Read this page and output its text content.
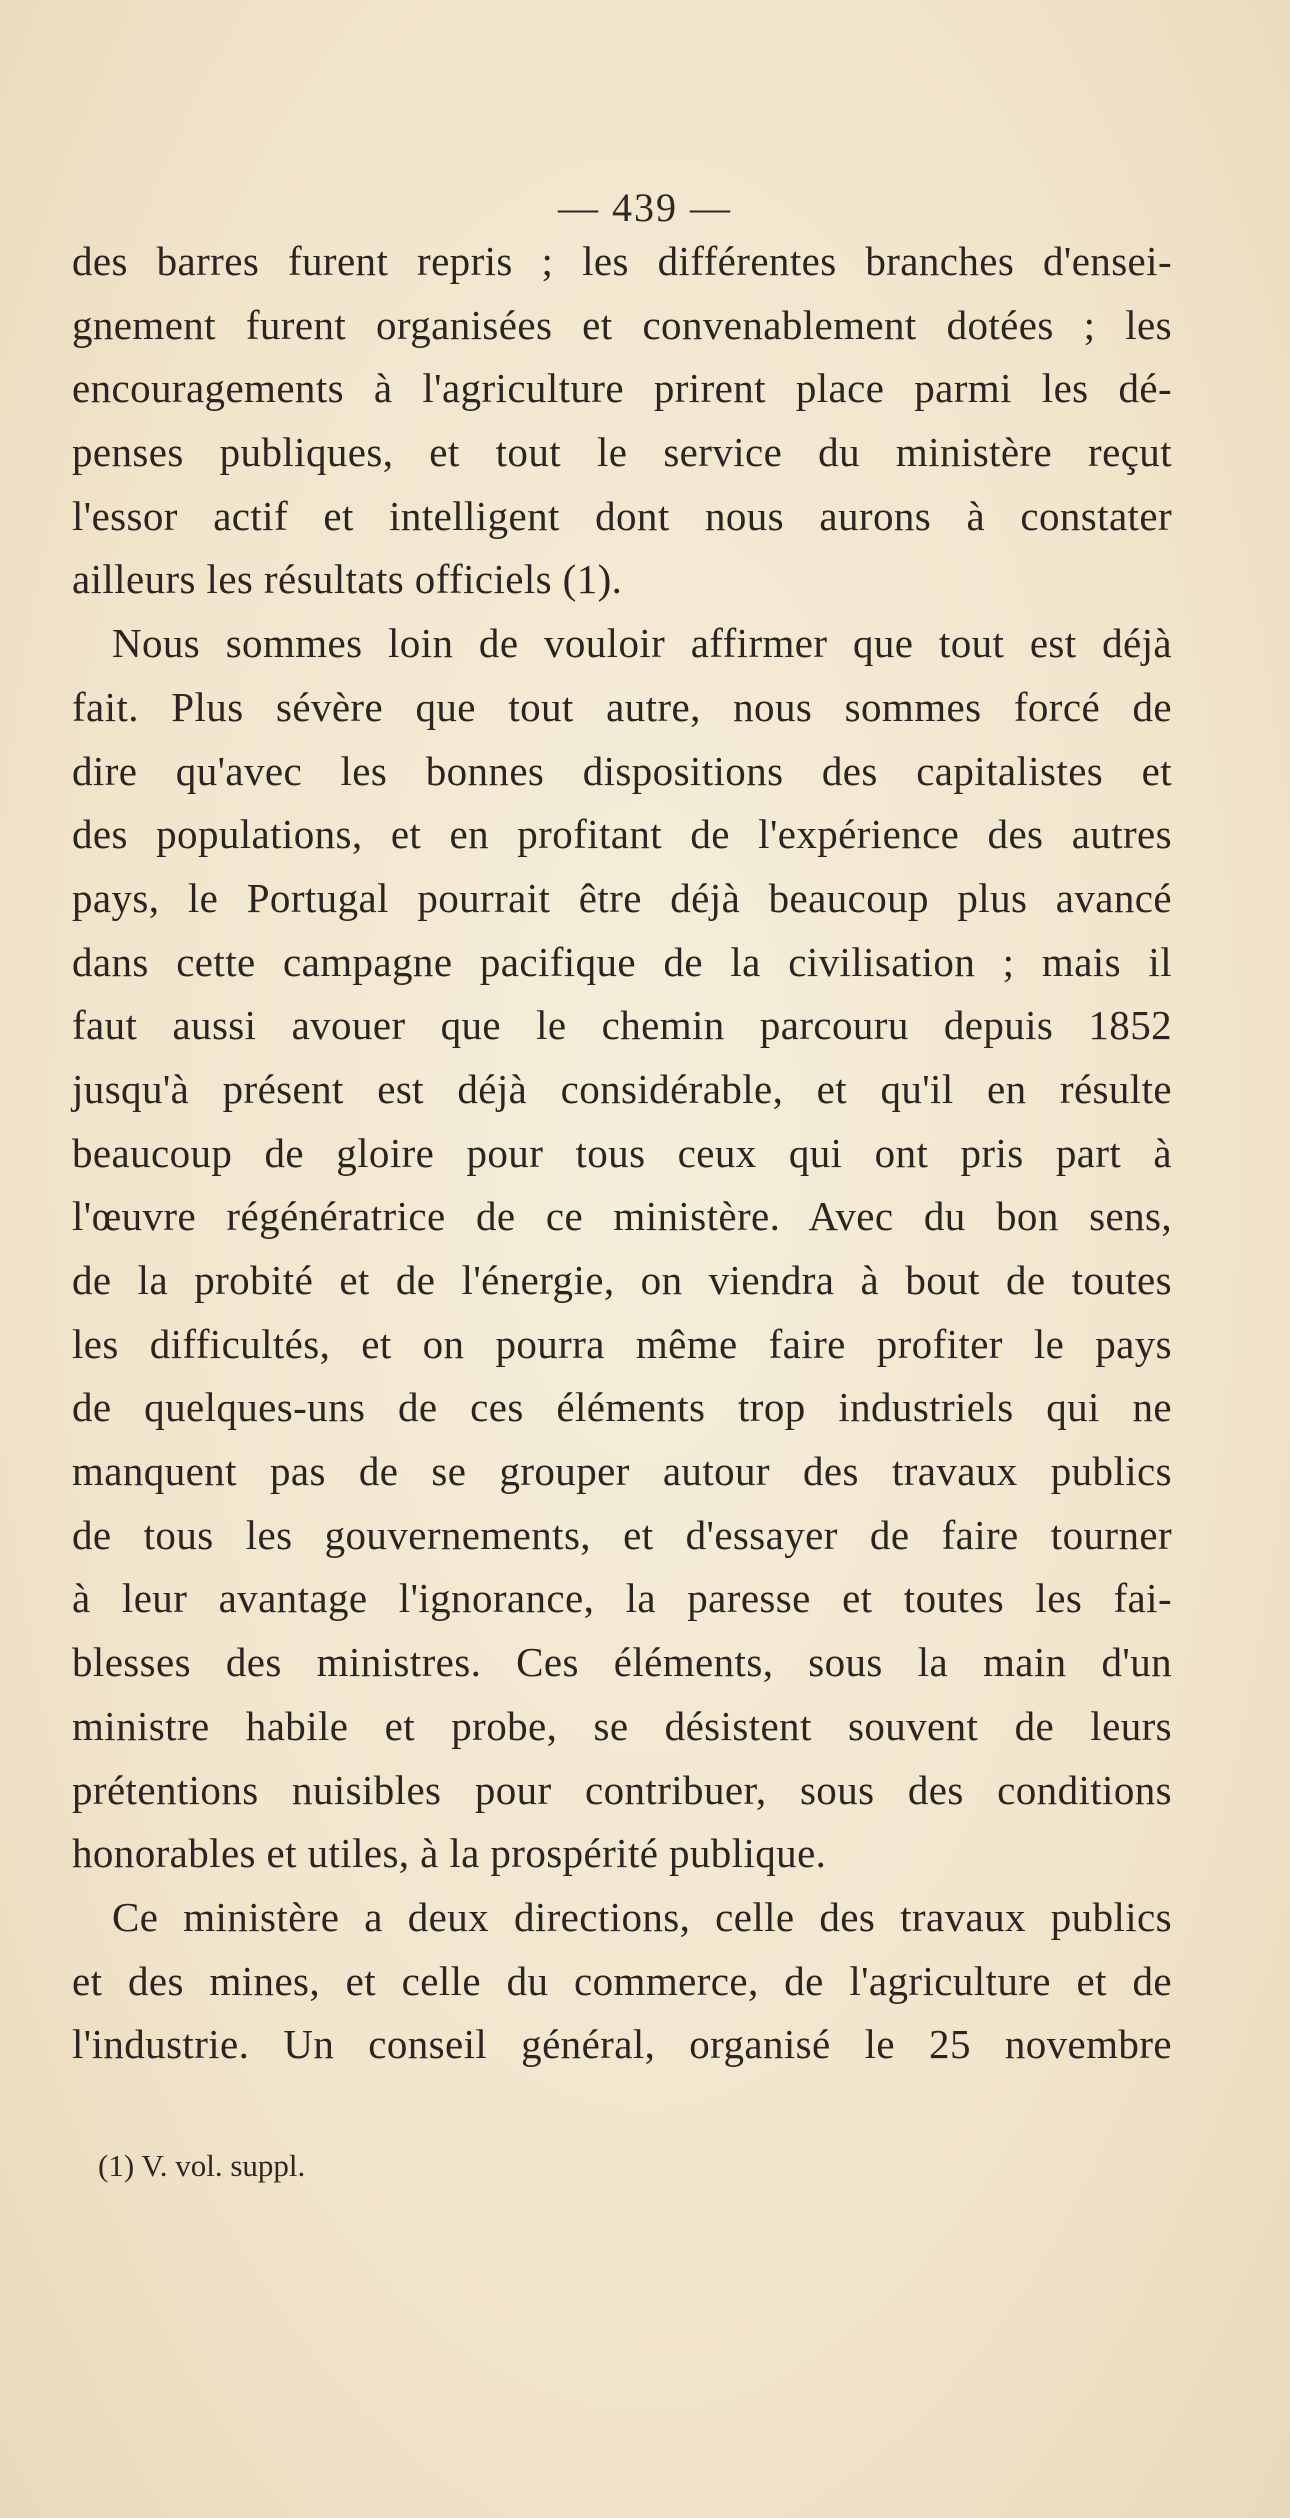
— 439 —
des barres furent repris ; les différentes branches d'ensei-
gnement furent organisées et convenablement dotées ; les
encouragements à l'agriculture prirent place parmi les dé-
penses publiques, et tout le service du ministère reçut
l'essor actif et intelligent dont nous aurons à constater
ailleurs les résultats officiels (1).
Nous sommes loin de vouloir affirmer que tout est déjà
fait. Plus sévère que tout autre, nous sommes forcé de
dire qu'avec les bonnes dispositions des capitalistes et
des populations, et en profitant de l'expérience des autres
pays, le Portugal pourrait être déjà beaucoup plus avancé
dans cette campagne pacifique de la civilisation ; mais il
faut aussi avouer que le chemin parcouru depuis 1852
jusqu'à présent est déjà considérable, et qu'il en résulte
beaucoup de gloire pour tous ceux qui ont pris part à
l'œuvre régénératrice de ce ministère. Avec du bon sens,
de la probité et de l'énergie, on viendra à bout de toutes
les difficultés, et on pourra même faire profiter le pays
de quelques-uns de ces éléments trop industriels qui ne
manquent pas de se grouper autour des travaux publics
de tous les gouvernements, et d'essayer de faire tourner
à leur avantage l'ignorance, la paresse et toutes les fai-
blesses des ministres. Ces éléments, sous la main d'un
ministre habile et probe, se désistent souvent de leurs
prétentions nuisibles pour contribuer, sous des conditions
honorables et utiles, à la prospérité publique.
Ce ministère a deux directions, celle des travaux publics
et des mines, et celle du commerce, de l'agriculture et de
l'industrie. Un conseil général, organisé le 25 novembre
(1) V. vol. suppl.
